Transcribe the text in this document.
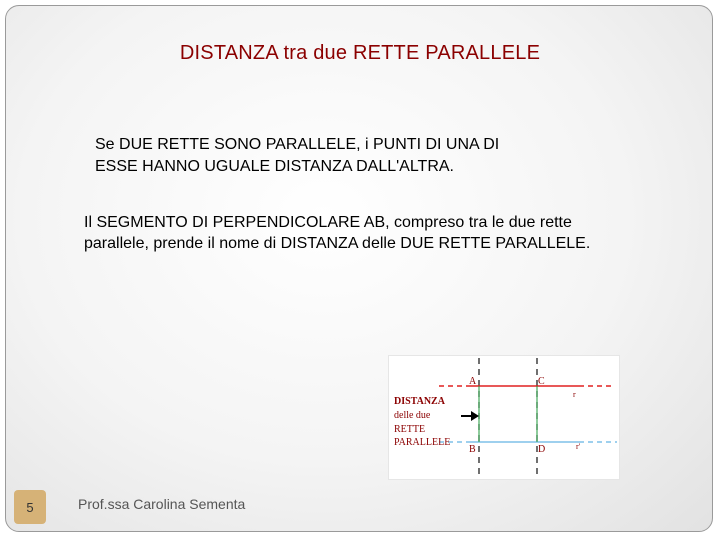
DISTANZA tra due RETTE PARALLELE
Se DUE RETTE SONO PARALLELE, i PUNTI DI UNA DI ESSE HANNO UGUALE DISTANZA DALL'ALTRA.
Il SEGMENTO DI PERPENDICOLARE AB, compreso tra le due rette parallele, prende il nome di DISTANZA delle DUE RETTE PARALLELE.
DISTANZA
delle due
RETTE
PARALLELE
A
B
C
D
r
r'
5	Prof.ssa Carolina Sementa
